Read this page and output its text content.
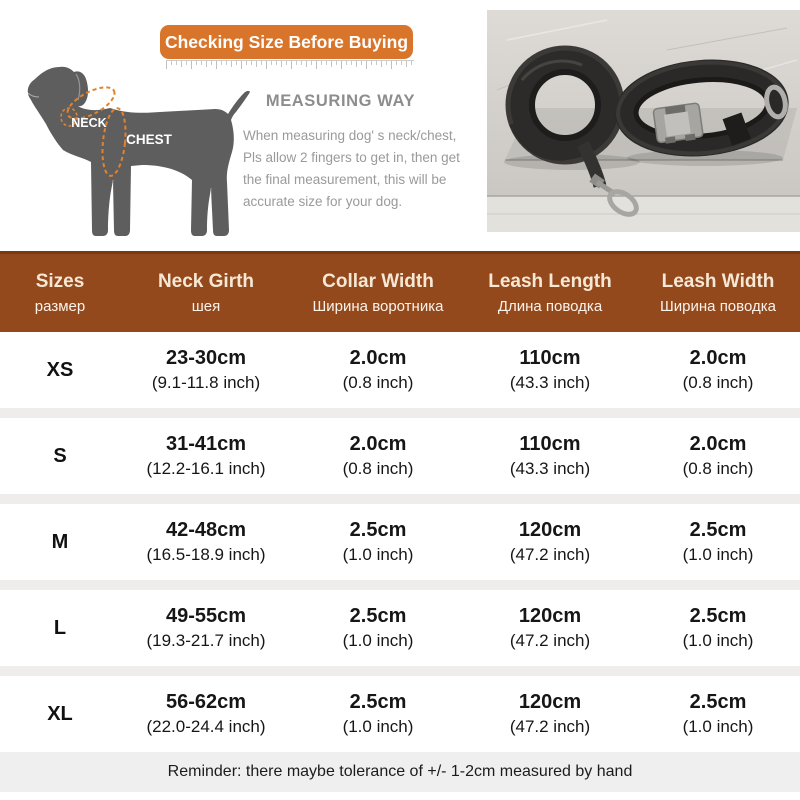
Checking Size Before Buying
NECK
CHEST
MEASURING WAY
When measuring dog' s neck/chest,
Pls allow 2 fingers to get in, then get
the final measurement, this will be
accurate size for your dog.
Sizes
размер
Neck Girth
шея
Collar Width
Ширина воротника
Leash Length
Длина поводка
Leash Width
Ширина поводка
XS
23-30cm
(9.1-11.8 inch)
2.0cm
(0.8 inch)
110cm
(43.3 inch)
2.0cm
(0.8 inch)
S
31-41cm
(12.2-16.1 inch)
2.0cm
(0.8 inch)
110cm
(43.3 inch)
2.0cm
(0.8 inch)
M
42-48cm
(16.5-18.9 inch)
2.5cm
(1.0 inch)
120cm
(47.2 inch)
2.5cm
(1.0 inch)
L
49-55cm
(19.3-21.7 inch)
2.5cm
(1.0 inch)
120cm
(47.2 inch)
2.5cm
(1.0 inch)
XL
56-62cm
(22.0-24.4 inch)
2.5cm
(1.0 inch)
120cm
(47.2 inch)
2.5cm
(1.0 inch)
Reminder: there maybe tolerance of +/- 1-2cm measured by hand
